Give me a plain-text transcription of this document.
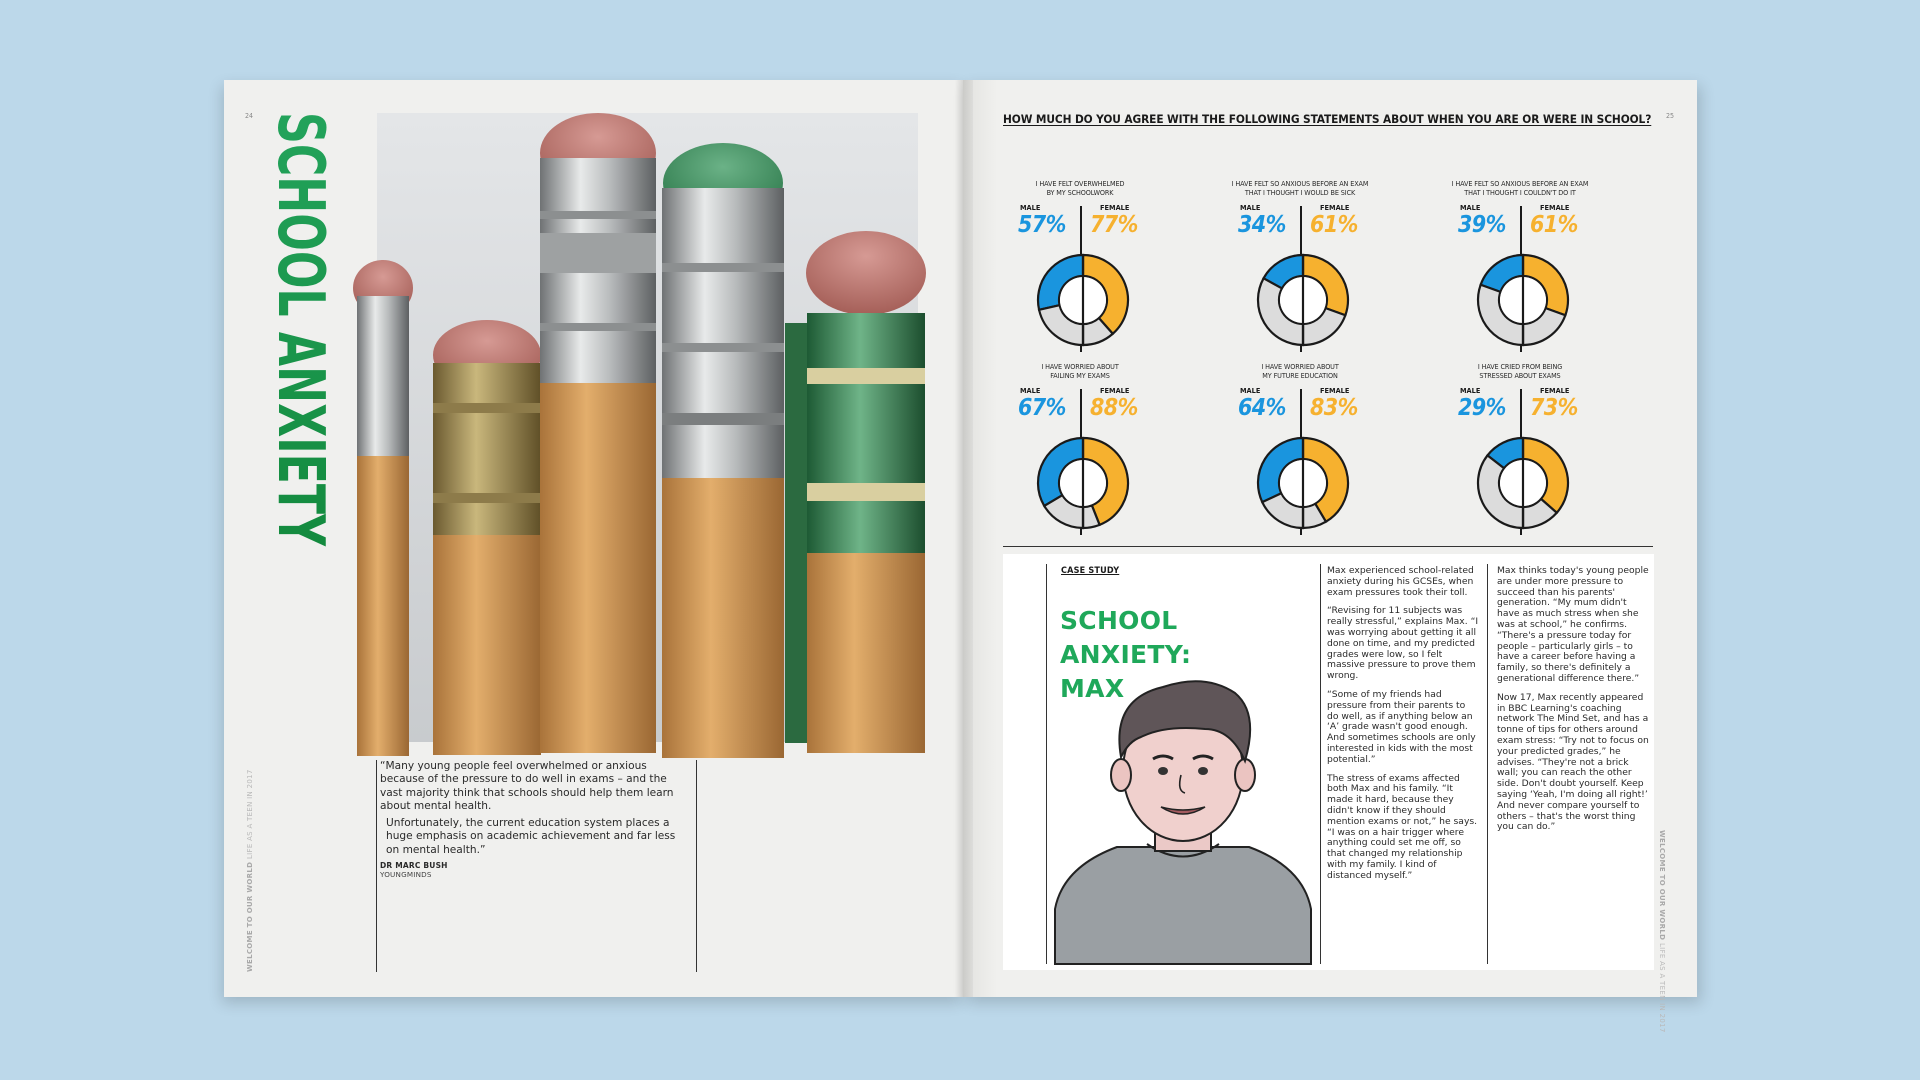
24	25
WELCOME TO OUR WORLD LIFE AS A TEEN IN 2017
WELCOME TO OUR WORLD LIFE AS A TEEN IN 2017
SCHOOL ANXIETY

“Many young people feel overwhelmed or anxious because of the pressure to do well in exams – and the vast majority think that schools should help them learn about mental health.

Unfortunately, the current education system places a huge emphasis on academic achievement and far less on mental health.”

DR MARC BUSH
YOUNGMINDS
HOW MUCH DO YOU AGREE WITH THE FOLLOWING STATEMENTS ABOUT WHEN YOU ARE OR WERE IN SCHOOL?
I HAVE FELT OVERWHELMED
BY MY SCHOOLWORK
MALE	FEMALE
57% 77%
I HAVE FELT SO ANXIOUS BEFORE AN EXAM
THAT I THOUGHT I WOULD BE SICK
MALE	FEMALE
34% 61%
I HAVE FELT SO ANXIOUS BEFORE AN EXAM
THAT I THOUGHT I COULDN'T DO IT
MALE	FEMALE
39% 61%
I HAVE WORRIED ABOUT
FAILING MY EXAMS
MALE	FEMALE
67% 88%
I HAVE WORRIED ABOUT
MY FUTURE EDUCATION
MALE	FEMALE
64% 83%
I HAVE CRIED FROM BEING
STRESSED ABOUT EXAMS
MALE	FEMALE
29% 73%
CASE STUDY
SCHOOL ANXIETY:
MAX

Max experienced school-related anxiety during his GCSEs, when exam pressures took their toll.

“Revising for 11 subjects was really stressful,” explains Max. “I was worrying about getting it all done on time, and my predicted grades were low, so I felt massive pressure to prove them wrong.

“Some of my friends had pressure from their parents to do well, as if anything below an ‘A’ grade wasn't good enough. And sometimes schools are only interested in kids with the most potential.”

The stress of exams affected both Max and his family. “It made it hard, because they didn't know if they should mention exams or not,” he says. “I was on a hair trigger where anything could set me off, so that changed my relationship with my family. I kind of distanced myself.”

Max thinks today's young people are under more pressure to succeed than his parents' generation. “My mum didn't have as much stress when she was at school,” he confirms. “There's a pressure today for people – particularly girls – to have a career before having a family, so there's definitely a generational difference there.”

Now 17, Max recently appeared in BBC Learning's coaching network The Mind Set, and has a tonne of tips for others around exam stress: “Try not to focus on your predicted grades,” he advises. “They're not a brick wall; you can reach the other side. Don't doubt yourself. Keep saying ‘Yeah, I'm doing all right!’ And never compare yourself to others – that's the worst thing you can do.”
